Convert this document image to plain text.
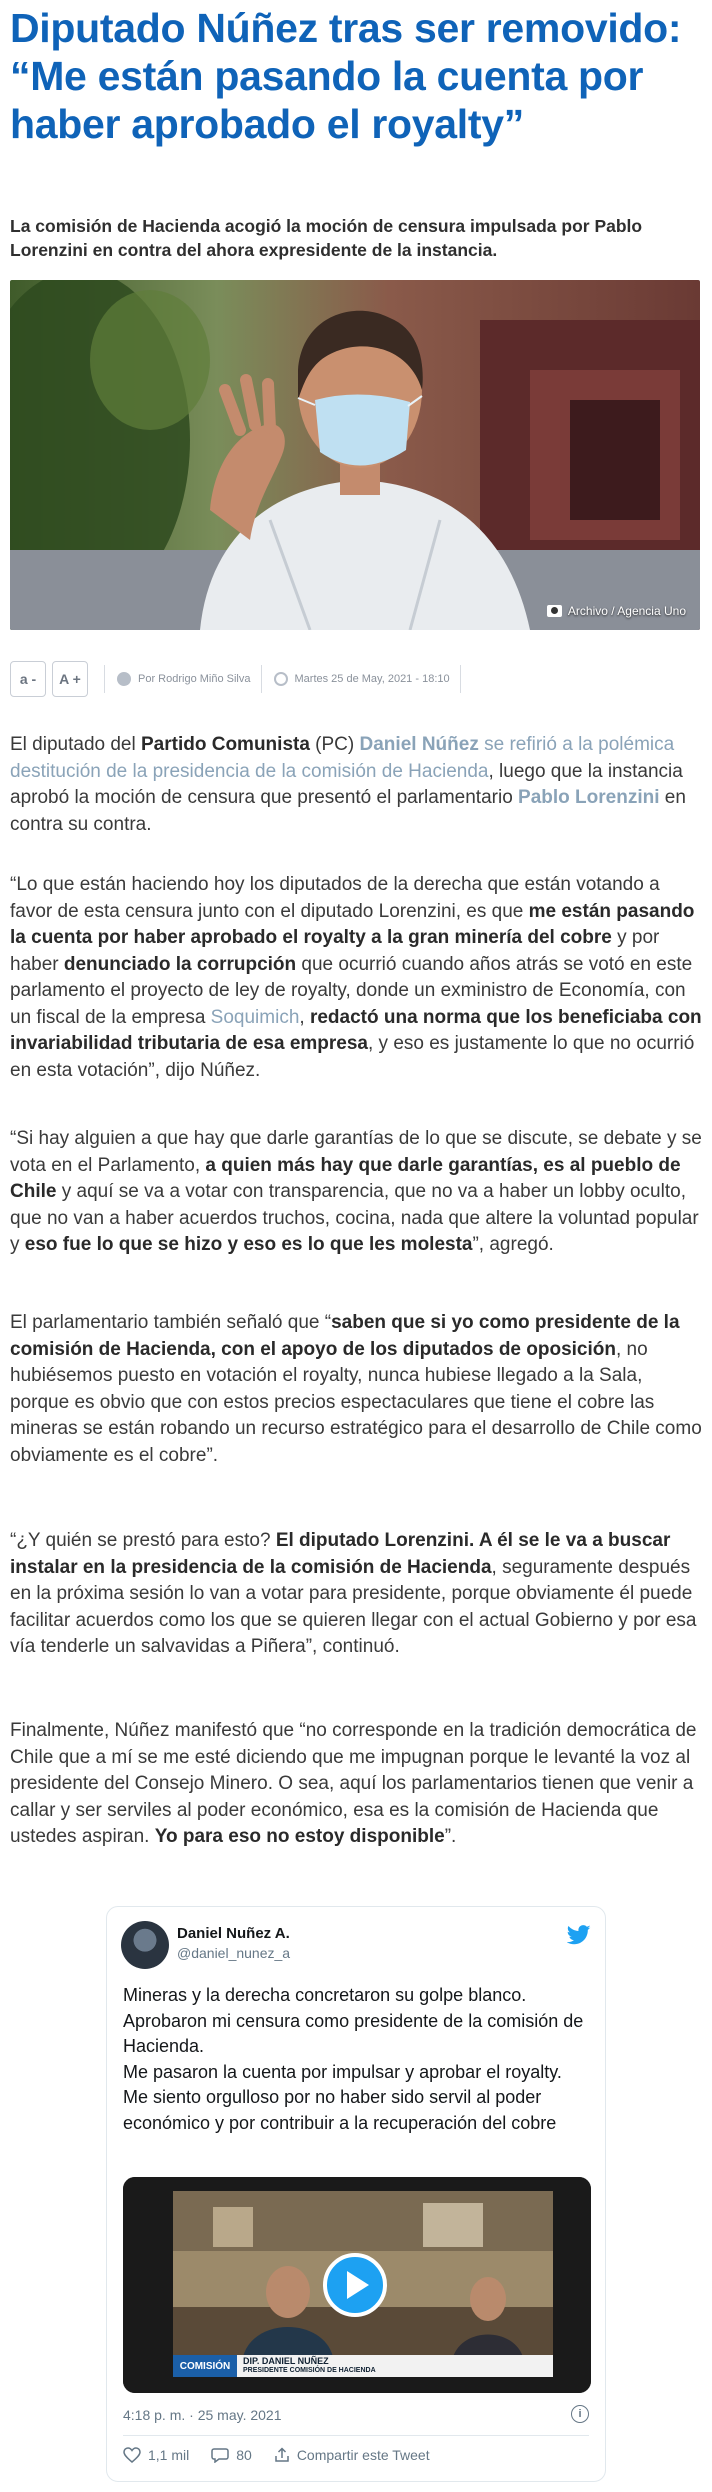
Diputado Núñez tras ser removido: “Me están pasando la cuenta por haber aprobado el royalty”

La comisión de Hacienda acogió la moción de censura impulsada por Pablo Lorenzini en contra del ahora expresidente de la instancia.

Archivo / Agencia Uno
a -	A +	Por Rodrigo Miño Silva	Martes 25 de May, 2021 - 18:10

El diputado del Partido Comunista (PC) Daniel Núñez se refirió a la polémica destitución de la presidencia de la comisión de Hacienda, luego que la instancia aprobó la moción de censura que presentó el parlamentario Pablo Lorenzini en contra su contra.

“Lo que están haciendo hoy los diputados de la derecha que están votando a favor de esta censura junto con el diputado Lorenzini, es que me están pasando la cuenta por haber aprobado el royalty a la gran minería del cobre y por haber denunciado la corrupción que ocurrió cuando años atrás se votó en este parlamento el proyecto de ley de royalty, donde un exministro de Economía, con un fiscal de la empresa Soquimich, redactó una norma que los beneficiaba con invariabilidad tributaria de esa empresa, y eso es justamente lo que no ocurrió en esta votación”, dijo Núñez.

“Si hay alguien a que hay que darle garantías de lo que se discute, se debate y se vota en el Parlamento, a quien más hay que darle garantías, es al pueblo de Chile y aquí se va a votar con transparencia, que no va a haber un lobby oculto, que no van a haber acuerdos truchos, cocina, nada que altere la voluntad popular y eso fue lo que se hizo y eso es lo que les molesta”, agregó.

El parlamentario también señaló que “saben que si yo como presidente de la comisión de Hacienda, con el apoyo de los diputados de oposición, no hubiésemos puesto en votación el royalty, nunca hubiese llegado a la Sala, porque es obvio que con estos precios espectaculares que tiene el cobre las mineras se están robando un recurso estratégico para el desarrollo de Chile como obviamente es el cobre”.

“¿Y quién se prestó para esto? El diputado Lorenzini. A él se le va a buscar instalar en la presidencia de la comisión de Hacienda, seguramente después en la próxima sesión lo van a votar para presidente, porque obviamente él puede facilitar acuerdos como los que se quieren llegar con el actual Gobierno y por esa vía tenderle un salvavidas a Piñera”, continuó.

Finalmente, Núñez manifestó que “no corresponde en la tradición democrática de Chile que a mí se me esté diciendo que me impugnan porque le levanté la voz al presidente del Consejo Minero. O sea, aquí los parlamentarios tienen que venir a callar y ser serviles al poder económico, esa es la comisión de Hacienda que ustedes aspiran. Yo para eso no estoy disponible”.

Daniel Nuñez A.
@daniel_nunez_a
Mineras y la derecha concretaron su golpe blanco.
Aprobaron mi censura como presidente de la comisión de Hacienda.
Me pasaron la cuenta por impulsar y aprobar el royalty.
Me siento orgulloso por no haber sido servil al poder económico y por contribuir a la recuperación del cobre
COMISIÓN	DIP. DANIEL NUÑEZ
PRESIDENTE COMISIÓN DE HACIENDA
4:18 p. m. · 25 may. 2021	i
1,1 mil	80	Compartir este Tweet
